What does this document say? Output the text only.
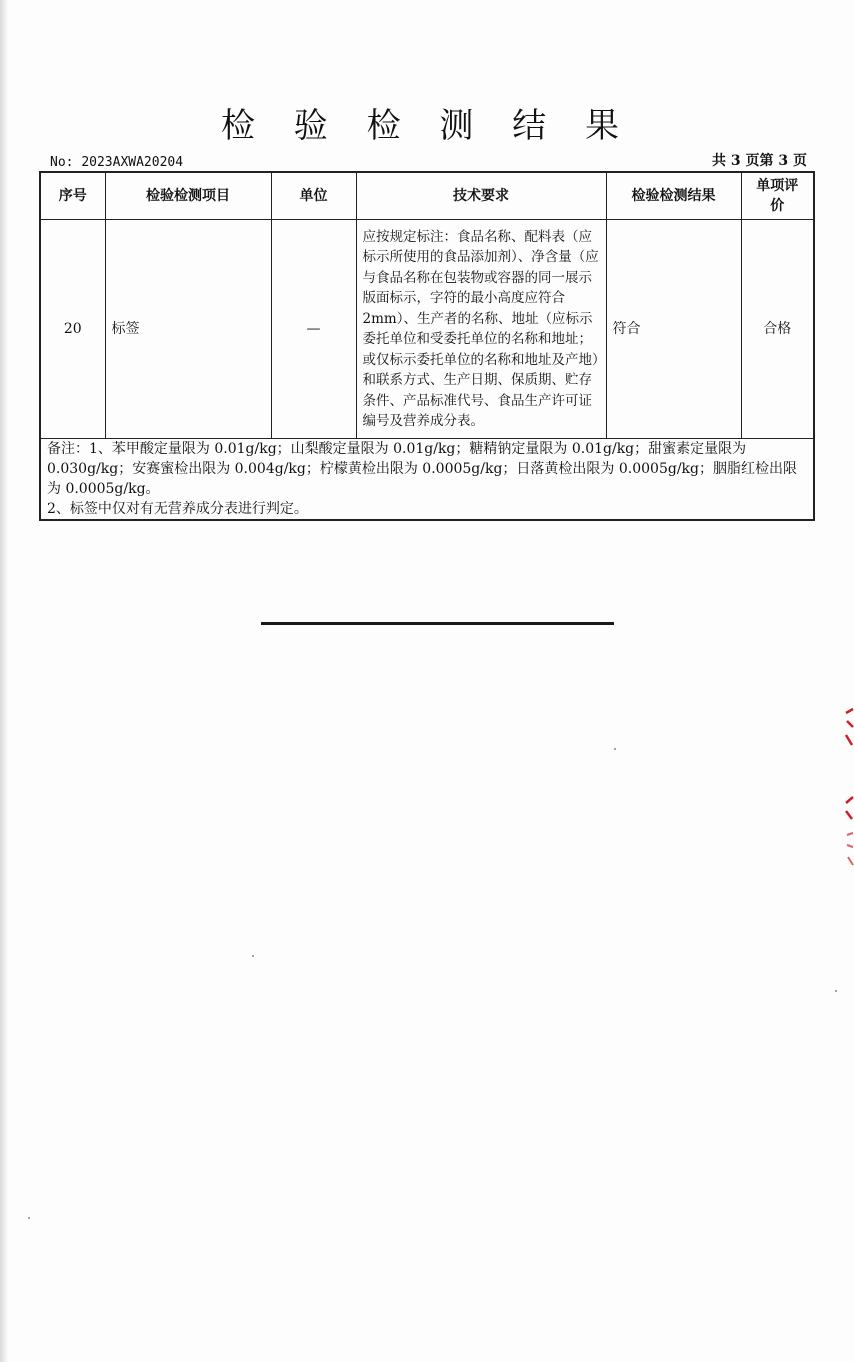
检 验 检 测 结 果
No: 2023AXWA20204	共 3 页第 3 页
序号	检验检测项目	单位	技术要求	检验检测结果	单项评价
20	标签	—	应按规定标注：食品名称、配料表（应标示所使用的食品添加剂）、净含量（应与食品名称在包装物或容器的同一展示版面标示，字符的最小高度应符合 2mm）、生产者的名称、地址（应标示委托单位和受委托单位的名称和地址；或仅标示委托单位的名称和地址及产地）和联系方式、生产日期、保质期、贮存条件、产品标准代号、食品生产许可证编号及营养成分表。	符合	合格

备注：1、苯甲酸定量限为 0.01g/kg；山梨酸定量限为 0.01g/kg；糖精钠定量限为 0.01g/kg；甜蜜素定量限为 0.030g/kg；安赛蜜检出限为 0.004g/kg；柠檬黄检出限为 0.0005g/kg；日落黄检出限为 0.0005g/kg；胭脂红检出限为 0.0005g/kg。
2、标签中仅对有无营养成分表进行判定。					
